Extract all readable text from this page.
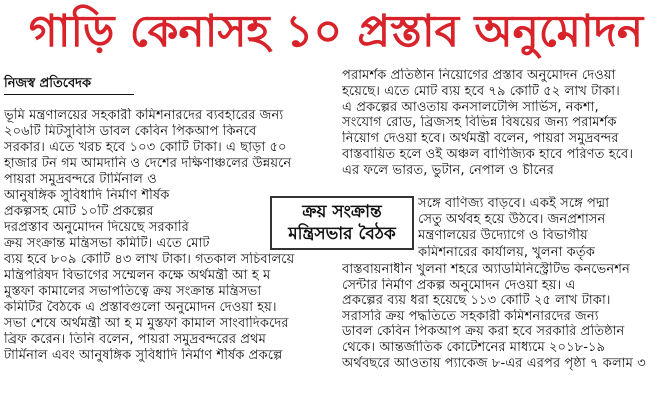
গাড়ি কেনাসহ ১০ প্রস্তাব অনুমোদন
নিজস্ব প্রতিবেদক

ভূমি মন্ত্রণালয়ের সহকারী কমিশনারদের ব্যবহারের জন্য

২০৬টি মিটসুবিসি ডাবল কেবিন পিকআপ কিনবে

সরকার। এতে খরচ হবে ১০৩ কোটি টাকা। এ ছাড়া ৫০

হাজার টন গম আমদানি ও দেশের দক্ষিণাঞ্চলের উন্নয়নে

পায়রা সমুদ্রবন্দরে টার্মিনাল ও

আনুষঙ্গিক সুবিধাদি নির্মাণ শীর্ষক

প্রকল্পসহ মোট ১০টি প্রকল্পের

দরপ্রস্তাব অনুমোদন দিয়েছে সরকারি

ক্রয় সংক্রান্ত মন্ত্রিসভা কমিটি। এতে মোট

ব্যয় হবে ৮০৯ কোটি ৪৩ লাখ টাকা। গতকাল সচিবালয়ে

মন্ত্রিপরিষদ বিভাগের সম্মেলন কক্ষে অর্থমন্ত্রী আ হ ম

মুস্তফা কামালের সভাপতিত্বে ক্রয় সংক্রান্ত মন্ত্রিসভা

কমিটির বৈঠকে এ প্রস্তাবগুলো অনুমোদন দেওয়া হয়।

সভা শেষে অর্থমন্ত্রী আ হ ম মুস্তফা কামাল সাংবাদিকদের

ব্রিফ করেন। তিনি বলেন, পায়রা সমুদ্রবন্দরের প্রথম

টার্মিনাল এবং আনুষঙ্গিক সুবিধাদি নির্মাণ শীর্ষক প্রকল্পে

পরামর্শক প্রতিষ্ঠান নিয়োগের প্রস্তাব অনুমোদন দেওয়া

হয়েছে। এতে মোট ব্যয় হবে ৭৯ কোটি ৫২ লাখ টাকা।

এ প্রকল্পের আওতায় কনসালটেন্সি সার্ভিস, নকশা,

সংযোগ রোড, ব্রিজসহ বিভিন্ন বিষয়ের জন্য পরামর্শক

নিয়োগ দেওয়া হবে। অর্থমন্ত্রী বলেন, পায়রা সমুদ্রবন্দর

বাস্তবায়িত হলে ওই অঞ্চল বাণিজ্যিক হাবে পরিণত হবে।

এর ফলে ভারত, ভুটান, নেপাল ও চীনের

ক্রয় সংক্রান্ত
মন্ত্রিসভার বৈঠক

সঙ্গে বাণিজ্য বাড়বে। একই সঙ্গে পদ্মা

সেতু অর্থবহ হয়ে উঠবে। জনপ্রশাসন

মন্ত্রণালয়ের উদ্যোগে ও বিভাগীয়

কমিশনারের কার্যালয়, খুলনা কর্তৃক

বাস্তবায়নাধীন খুলনা শহরে অ্যাডমিনিস্ট্রেটিভ কনভেনশন

সেন্টার নির্মাণ প্রকল্প অনুমোদন দেওয়া হয়। এ

প্রকল্পের ব্যয় ধরা হয়েছে ১১৩ কোটি ২৫ লাখ টাকা।

সরাসরি ক্রয় পদ্ধতিতে সহকারী কমিশনারদের জন্য

ডাবল কেবিন পিকআপ ক্রয় করা হবে সরকারি প্রতিষ্ঠান

থেকে। আন্তর্জাতিক কোটেশনের মাধ্যমে ২০১৮-১৯

অর্থবছরে আওতায় প্যাকেজ ৮-এর এরপর পৃষ্ঠা ৭ কলাম ৩
